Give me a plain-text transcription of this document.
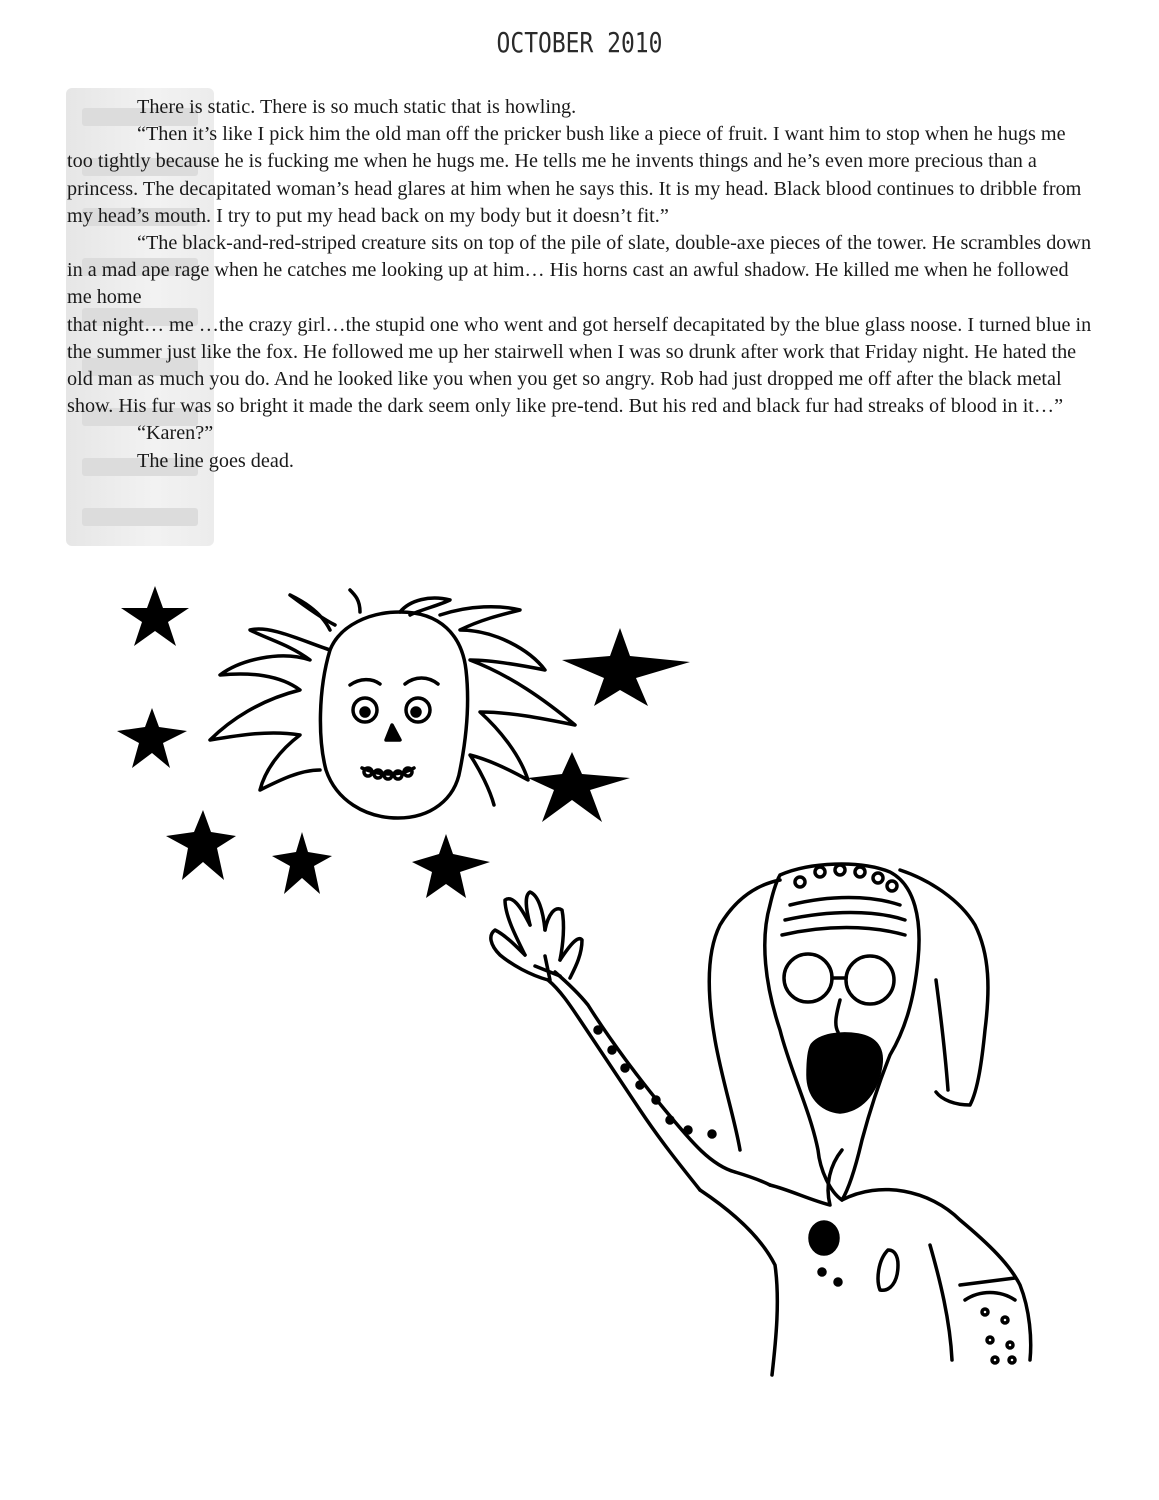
OCTOBER 2010

There is static. There is so much static that is howling.

“Then it’s like I pick him the old man off the pricker bush like a piece of fruit. I want him to stop when he hugs me too tightly because he is fucking me when he hugs me. He tells me he invents things and he’s even more precious than a princess. The decapitated woman’s head glares at him when he says this. It is my head. Black blood continues to dribble from my head’s mouth. I try to put my head back on my body but it doesn’t fit.”

“The black-and-red-striped creature sits on top of the pile of slate, double-axe pieces of the tower. He scrambles down in a mad ape rage when he catches me looking up at him… His horns cast an awful shadow. He killed me when he followed me home

that night… me …the crazy girl…the stupid one who went and got herself decapitated by the blue glass noose. I turned blue in the summer just like the fox. He followed me up her stairwell when I was so drunk after work that Friday night. He hated the old man as much you do. And he looked like you when you get so angry. Rob had just dropped me off after the black metal show. His fur was so bright it made the dark seem only like pre-tend. But his red and black fur had streaks of blood in it…”

“Karen?”

The line goes dead.
